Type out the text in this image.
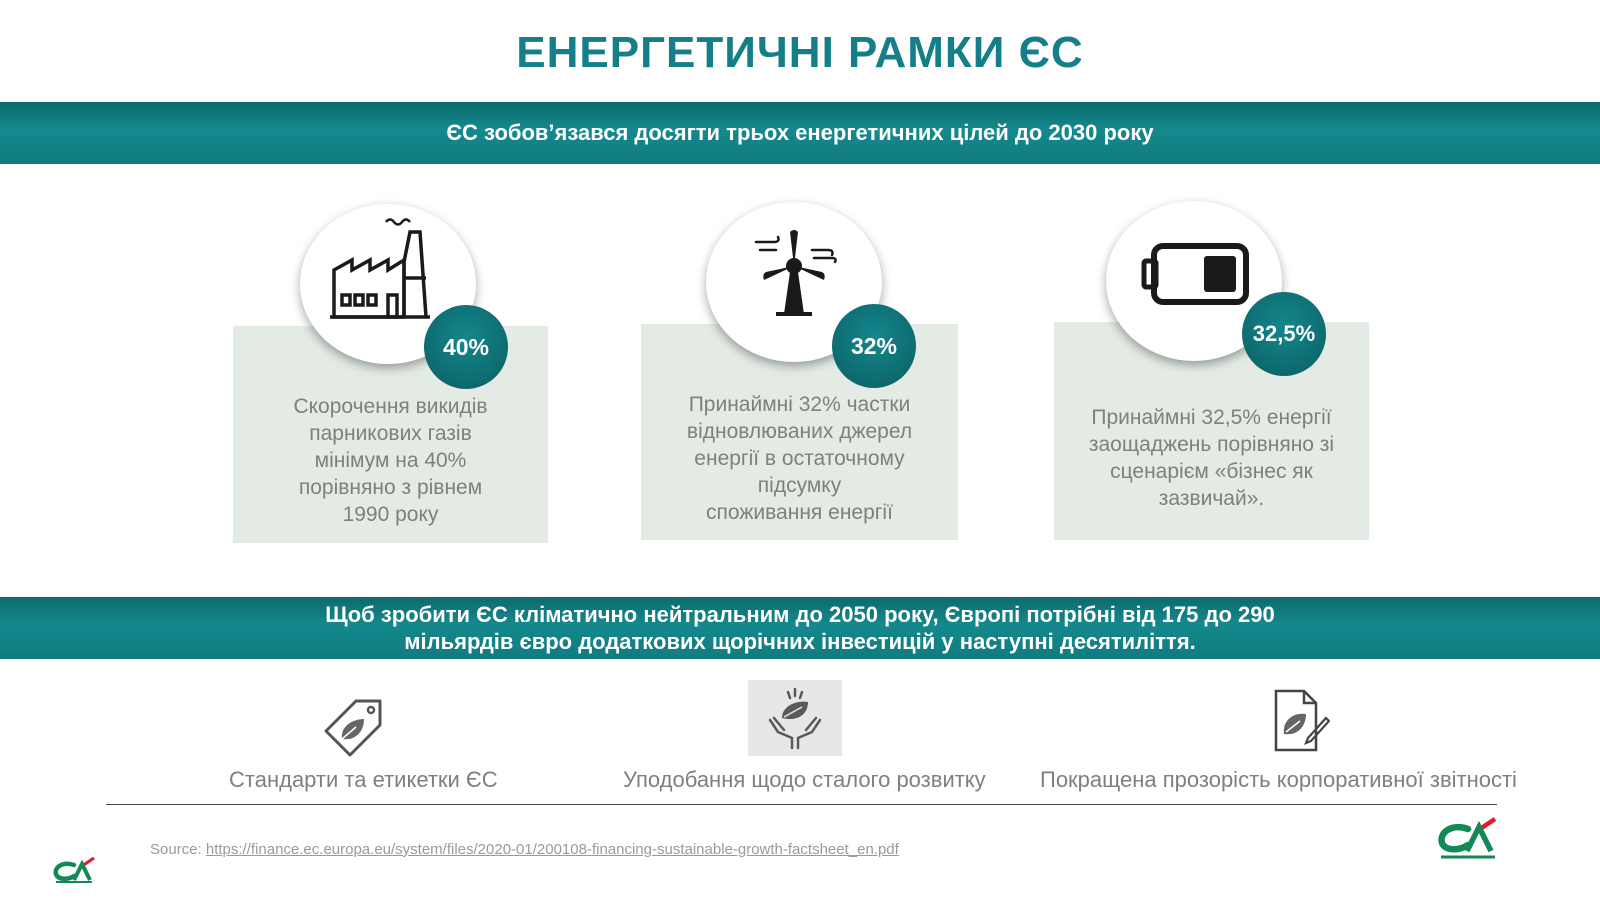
ЕНЕРГЕТИЧНІ РАМКИ ЄС
ЄС зобов’язався досягти трьох енергетичних цілей до 2030 року
Скорочення викидів
парникових газів
мінімум на 40%
порівняно з рівнем
1990 року
40%
Принаймні 32% частки
відновлюваних джерел
енергії в остаточному
підсумку
споживання енергії
32%
Принаймні 32,5% енергії
заощаджень порівняно зі
сценарієм «бізнес як
зазвичай».
32,5%
Щоб зробити ЄС кліматично нейтральним до 2050 року, Європі потрібні від 175 до 290
мільярдів євро додаткових щорічних інвестицій у наступні десятиліття.
Стандарти та етикетки ЄС	Уподобання щодо сталого розвитку Покращена прозорість корпоративної звітності
Source: https://finance.ec.europa.eu/system/files/2020-01/200108-financing-sustainable-growth-factsheet_en.pdf
